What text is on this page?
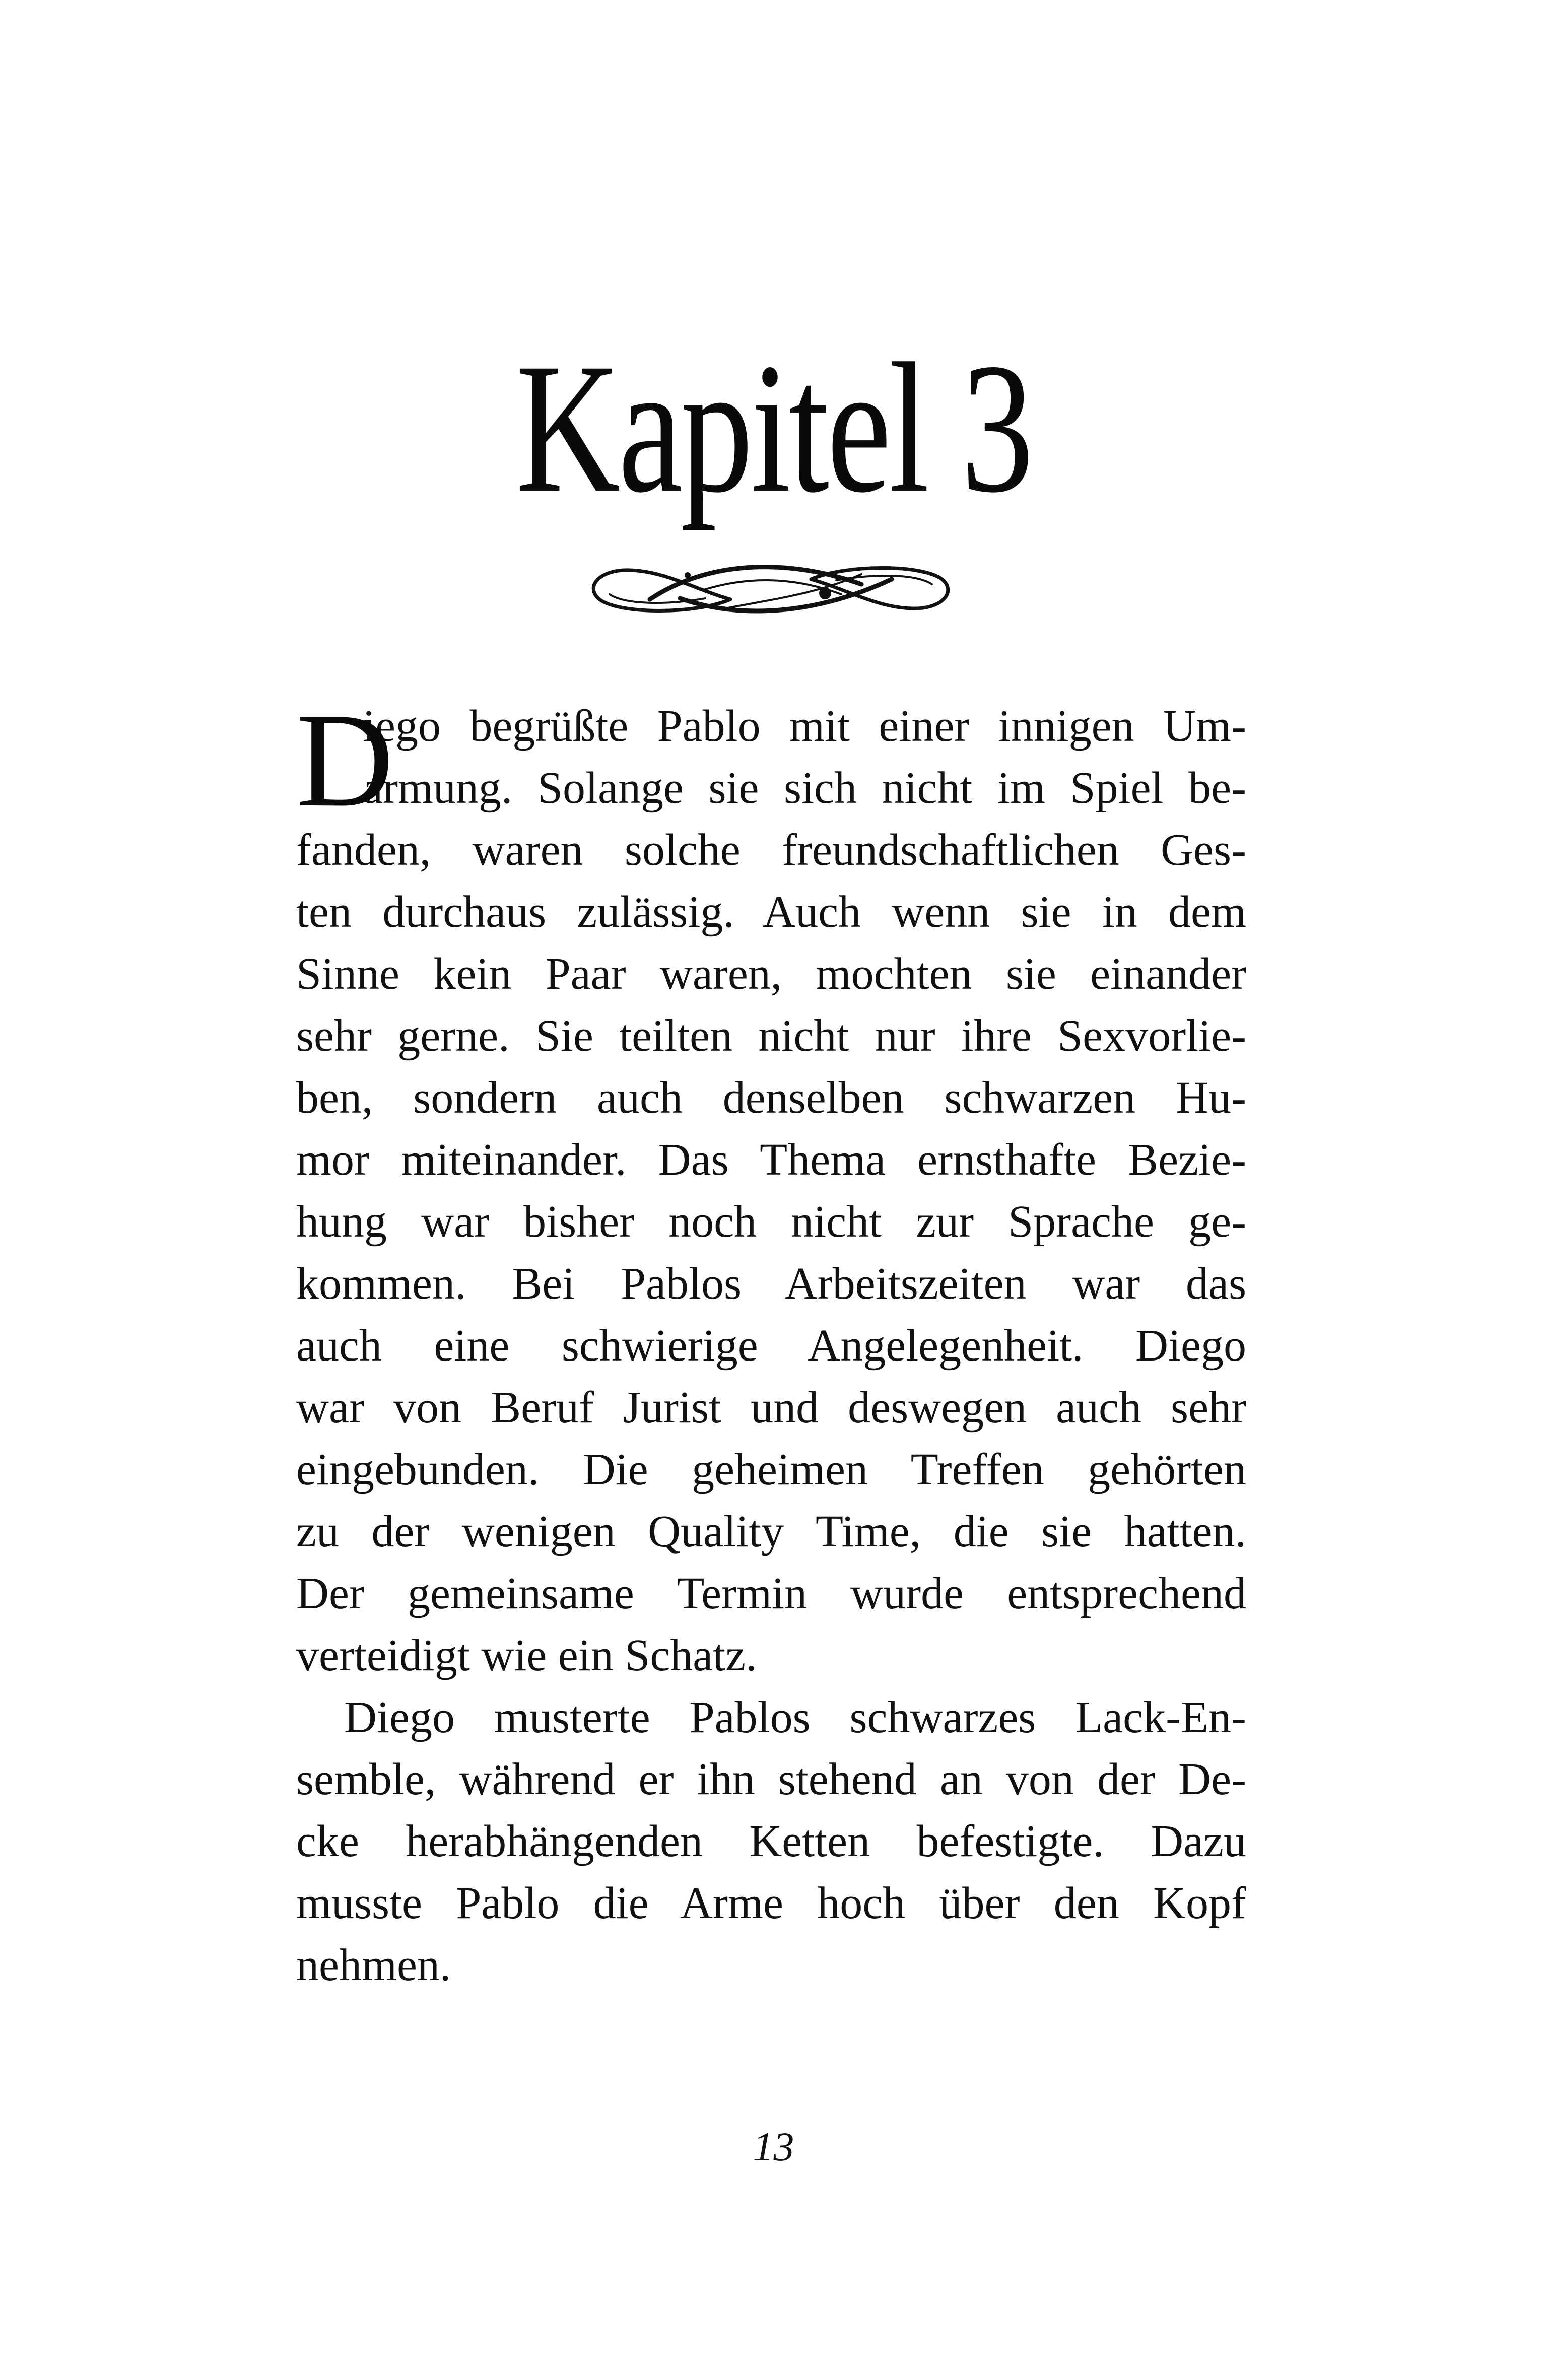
Kapitel 3
D
iego begrüßte Pablo mit einer innigen Um-
armung. Solange sie sich nicht im Spiel be-
fanden, waren solche freundschaftlichen Ges-
ten durchaus zulässig. Auch wenn sie in dem
Sinne kein Paar waren, mochten sie einander
sehr gerne. Sie teilten nicht nur ihre Sexvorlie-
ben, sondern auch denselben schwarzen Hu-
mor miteinander. Das Thema ernsthafte Bezie-
hung war bisher noch nicht zur Sprache ge-
kommen. Bei Pablos Arbeitszeiten war das
auch eine schwierige Angelegenheit. Diego
war von Beruf Jurist und deswegen auch sehr
eingebunden. Die geheimen Treffen gehörten
zu der wenigen Quality Time, die sie hatten.
Der gemeinsame Termin wurde entsprechend
verteidigt wie ein Schatz.
Diego musterte Pablos schwarzes Lack-En-
semble, während er ihn stehend an von der De-
cke herabhängenden Ketten befestigte. Dazu
musste Pablo die Arme hoch über den Kopf
nehmen.
13
